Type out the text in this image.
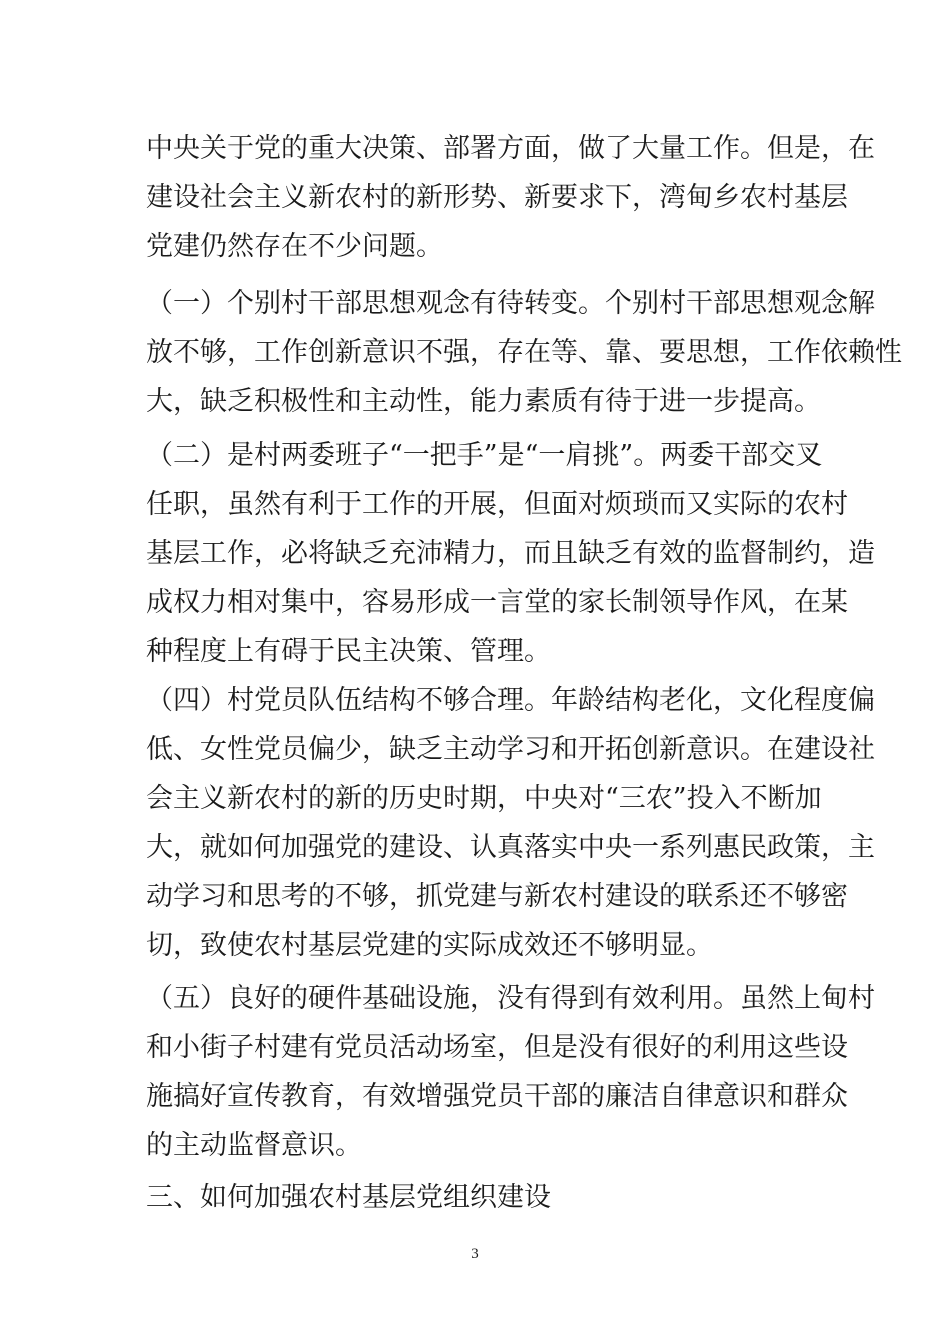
中央关于党的重大决策、部署方面，做了大量工作。但是，在
建设社会主义新农村的新形势、新要求下，湾甸乡农村基层
党建仍然存在不少问题。
（一）个别村干部思想观念有待转变。个别村干部思想观念解
放不够，工作创新意识不强，存在等、靠、要思想，工作依赖性
大，缺乏积极性和主动性，能力素质有待于进一步提高。
（二）是村两委班子“一把手”是“一肩挑”。两委干部交叉
任职，虽然有利于工作的开展，但面对烦琐而又实际的农村
基层工作，必将缺乏充沛精力，而且缺乏有效的监督制约，造
成权力相对集中，容易形成一言堂的家长制领导作风，在某
种程度上有碍于民主决策、管理。
（四）村党员队伍结构不够合理。年龄结构老化，文化程度偏
低、女性党员偏少，缺乏主动学习和开拓创新意识。在建设社
会主义新农村的新的历史时期，中央对“三农”投入不断加
大，就如何加强党的建设、认真落实中央一系列惠民政策，主
动学习和思考的不够，抓党建与新农村建设的联系还不够密
切，致使农村基层党建的实际成效还不够明显。
（五）良好的硬件基础设施，没有得到有效利用。虽然上甸村
和小街子村建有党员活动场室，但是没有很好的利用这些设
施搞好宣传教育，有效增强党员干部的廉洁自律意识和群众
的主动监督意识。
三、如何加强农村基层党组织建设
3
